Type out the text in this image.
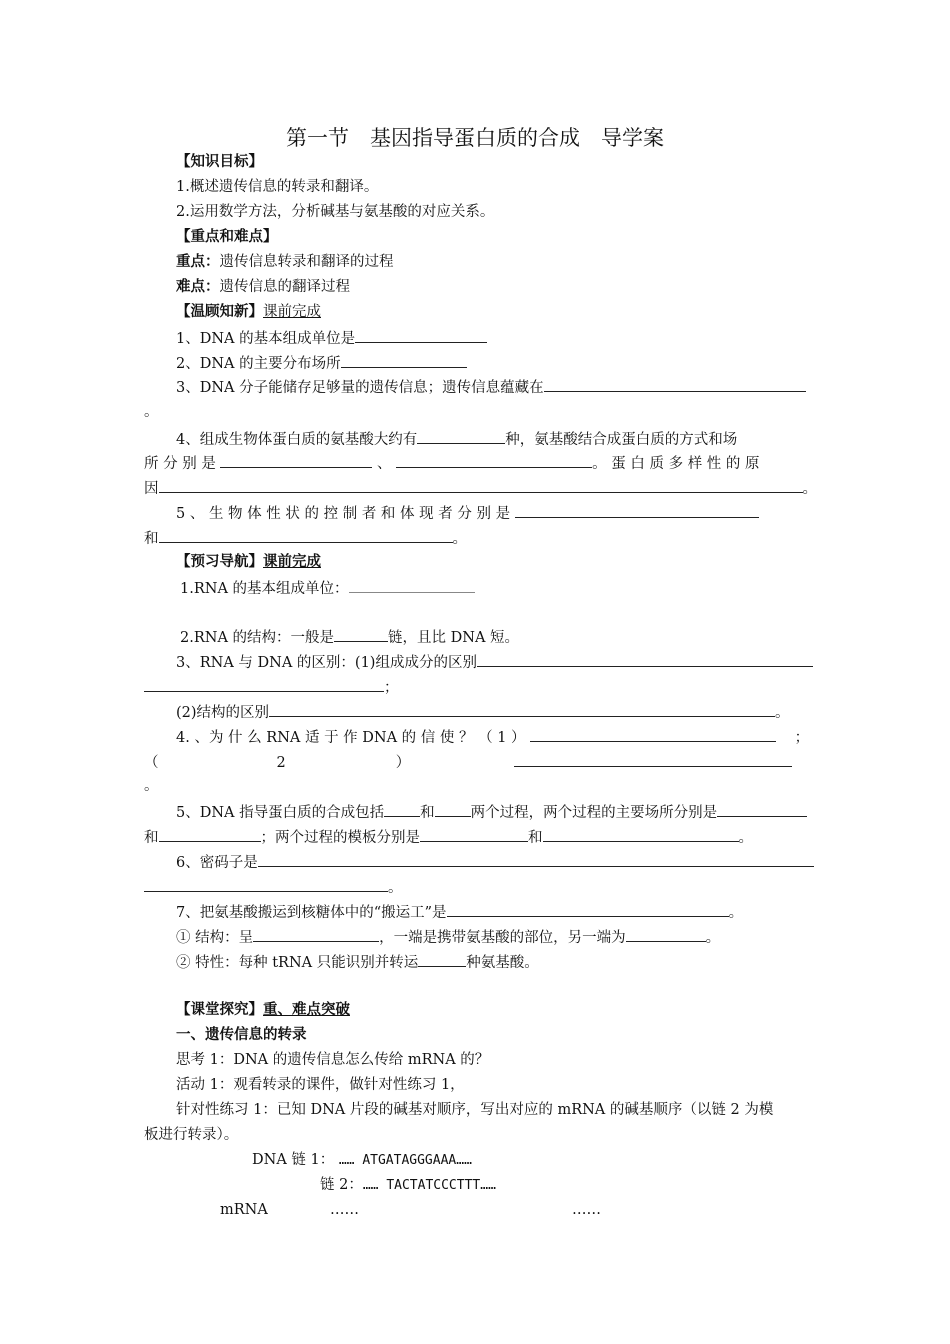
第一节　基因指导蛋白质的合成　导学案
【知识目标】
1.概述遗传信息的转录和翻译。
2.运用数学方法，分析碱基与氨基酸的对应关系。
【重点和难点】
重点：遗传信息转录和翻译的过程
难点：遗传信息的翻译过程
【温顾知新】课前完成
1、DNA 的基本组成单位是
2、DNA 的主要分布场所
3、DNA 分子能储存足够量的遗传信息；遗传信息蕴藏在
。
4、组成生物体蛋白质的氨基酸大约有	种，氨基酸结合成蛋白质的方式和场
所 分 别 是	、	。 蛋 白 质 多 样 性 的 原
因	。
5 、 生 物 体 性 状 的 控 制 者 和 体 现 者 分 别 是
和	。
【预习导航】课前完成
1.RNA 的基本组成单位：
2.RNA 的结构：一般是	链，且比 DNA 短。
3、RNA 与 DNA 的区别：(1)组成成分的区别
；
(2)结构的区别	。
4. 、为 什 么 RNA 适 于 作 DNA 的 信 使 ？ （ 1 ）	；
（	2	）
。
5、DNA 指导蛋白质的合成包括 和 两个过程，两个过程的主要场所分别是
和	；两个过程的模板分别是	和	。
6、密码子是
。
7、把氨基酸搬运到核糖体中的“搬运工”是	。
① 结构：呈	，一端是携带氨基酸的部位，另一端为	。
② 特性：每种 tRNA 只能识别并转运	种氨基酸。
【课堂探究】重、难点突破
一、遗传信息的转录
思考 1：DNA 的遗传信息怎么传给 mRNA 的？
活动 1：观看转录的课件，做针对性练习 1，
针对性练习 1：已知 DNA 片段的碱基对顺序，写出对应的 mRNA 的碱基顺序（以链 2 为模
板进行转录）。
DNA 链 1： …… ATGATAGGGAAA……
链 2：…… TACTATCCCTTT……
mRNA	……	……
